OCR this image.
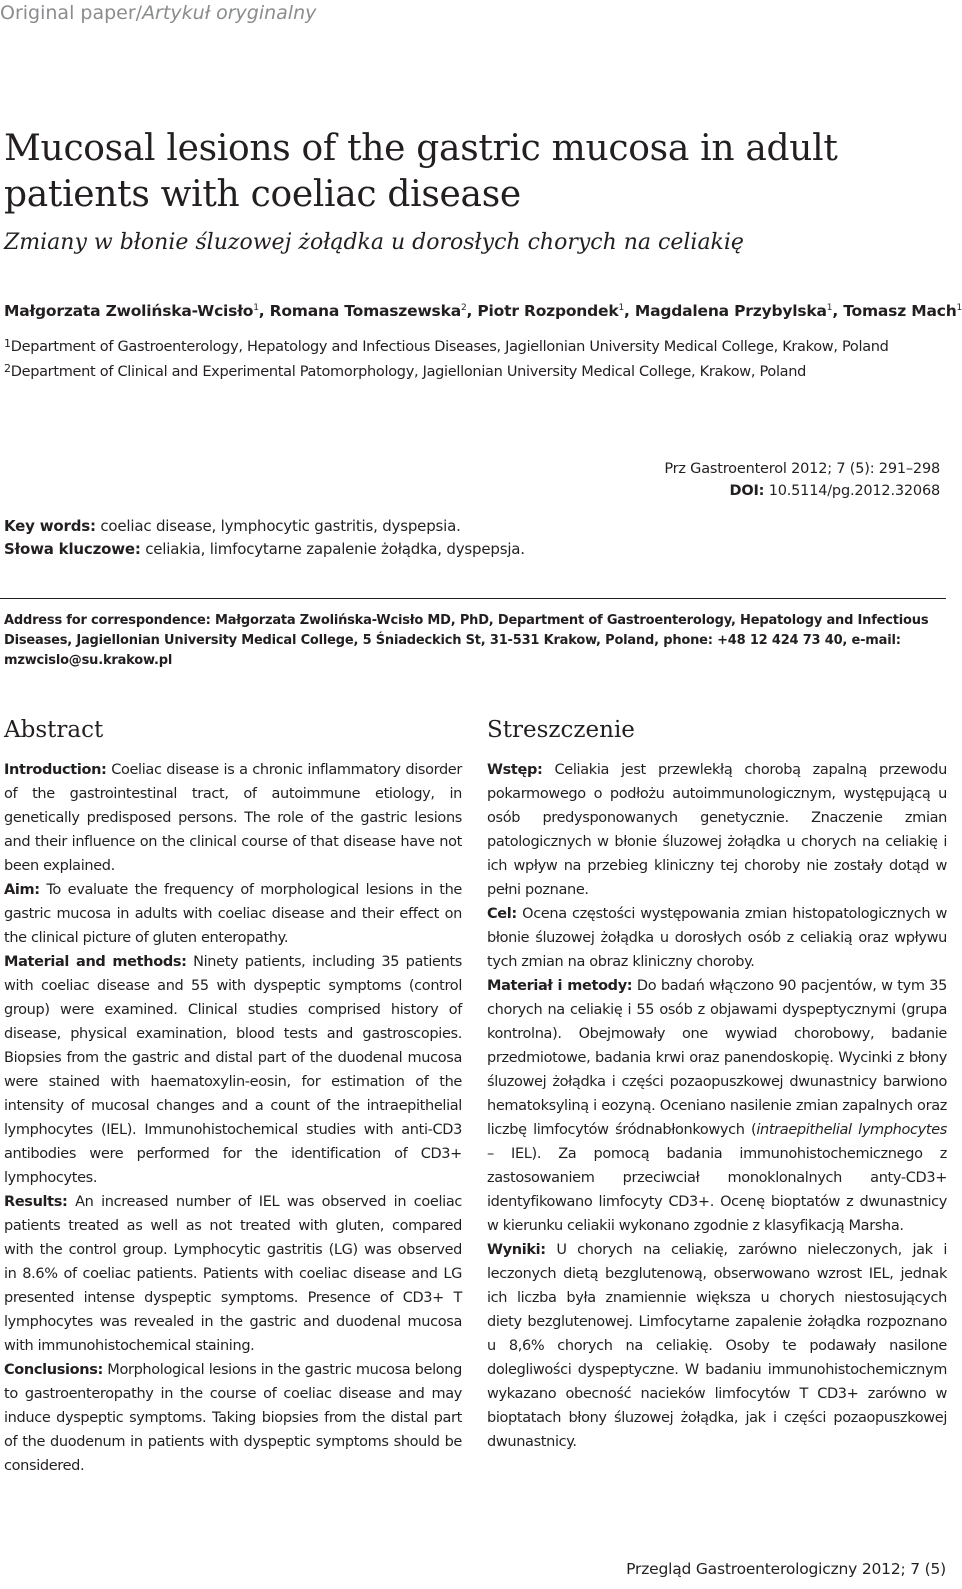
Original paper/Artykuł oryginalny
Mucosal lesions of the gastric mucosa in adult patients with coeliac disease
Zmiany w błonie śluzowej żołądka u dorosłych chorych na celiakię
Małgorzata Zwolińska-Wcisło$^1$, Romana Tomaszewska$^2$, Piotr Rozpondek$^1$, Magdalena Przybylska$^1$, Tomasz Mach$^1$
$^1$Department of Gastroenterology, Hepatology and Infectious Diseases, Jagiellonian University Medical College, Krakow, Poland
$^2$Department of Clinical and Experimental Patomorphology, Jagiellonian University Medical College, Krakow, Poland
Prz Gastroenterol 2012; 7 (5): 291–298
DOI: 10.5114/pg.2012.32068
Key words: coeliac disease, lymphocytic gastritis, dyspepsia.
Słowa kluczowe: celiakia, limfocytarne zapalenie żołądka, dyspepsja.
Address for correspondence: Małgorzata Zwolińska-Wcisło MD, PhD, Department of Gastroenterology, Hepatology and Infectious Diseases, Jagiellonian University Medical College, 5 Śniadeckich St, 31-531 Krakow, Poland, phone: +48 12 424 73 40, e-mail: mzwcislo@su.krakow.pl
Abstract

Introduction: Coeliac disease is a chronic inflammatory disorder of the gastrointestinal tract, of autoimmune etiology, in genetically predisposed persons. The role of the gastric lesions and their influence on the clinical course of that disease have not been explained.

Aim: To evaluate the frequency of morphological lesions in the gastric mucosa in adults with coeliac disease and their effect on the clinical picture of gluten enteropathy.

Material and methods: Ninety patients, including 35 patients with coeliac disease and 55 with dyspeptic symptoms (control group) were examined. Clinical studies comprised history of disease, physical examination, blood tests and gastroscopies. Biopsies from the gastric and distal part of the duodenal mucosa were stained with haematoxylin-eosin, for estimation of the intensity of mucosal changes and a count of the intraepithelial lymphocytes (IEL). Immunohistochemical studies with anti-CD3 antibodies were performed for the identification of CD3+ lymphocytes.

Results: An increased number of IEL was observed in coeliac patients treated as well as not treated with gluten, compared with the control group. Lymphocytic gastritis (LG) was observed in 8.6% of coeliac patients. Patients with coeliac disease and LG presented intense dyspeptic symptoms. Presence of CD3+ T lymphocytes was revealed in the gastric and duodenal mucosa with immunohistochemical staining.

Conclusions: Morphological lesions in the gastric mucosa belong to gastroenteropathy in the course of coeliac disease and may induce dyspeptic symptoms. Taking biopsies from the distal part of the duodenum in patients with dyspeptic symptoms should be considered.

Streszczenie

Wstęp: Celiakia jest przewlekłą chorobą zapalną przewodu pokarmowego o podłożu autoimmunologicznym, występującą u osób predysponowanych genetycznie. Znaczenie zmian patologicznych w błonie śluzowej żołądka u chorych na celiakię i ich wpływ na przebieg kliniczny tej choroby nie zostały dotąd w pełni poznane.

Cel: Ocena częstości występowania zmian histopatologicznych w błonie śluzowej żołądka u dorosłych osób z celiakią oraz wpływu tych zmian na obraz kliniczny choroby.

Materiał i metody: Do badań włączono 90 pacjentów, w tym 35 chorych na celiakię i 55 osób z objawami dyspeptycznymi (grupa kontrolna). Obejmowały one wywiad chorobowy, badanie przedmiotowe, badania krwi oraz panendoskopię. Wycinki z błony śluzowej żołądka i części pozaopuszkowej dwunastnicy barwiono hematoksyliną i eozyną. Oceniano nasilenie zmian zapalnych oraz liczbę limfocytów śródnabłonkowych (intraepithelial lymphocytes – IEL). Za pomocą badania immunohistochemicznego z zastosowaniem przeciwciał monoklonalnych anty-CD3+ identyfikowano limfocyty CD3+. Ocenę bioptatów z dwunastnicy w kierunku celiakii wykonano zgodnie z klasyfikacją Marsha.

Wyniki: U chorych na celiakię, zarówno nieleczonych, jak i leczonych dietą bezglutenową, obserwowano wzrost IEL, jednak ich liczba była znamiennie większa u chorych niestosujących diety bezglutenowej. Limfocytarne zapalenie żołądka rozpoznano u 8,6% chorych na celiakię. Osoby te podawały nasilone dolegliwości dyspeptyczne. W badaniu immunohistochemicznym wykazano obecność nacieków limfocytów T CD3+ zarówno w bioptatach błony śluzowej żołądka, jak i części pozaopuszkowej dwunastnicy.

Przegląd Gastroenterologiczny 2012; 7 (5)
